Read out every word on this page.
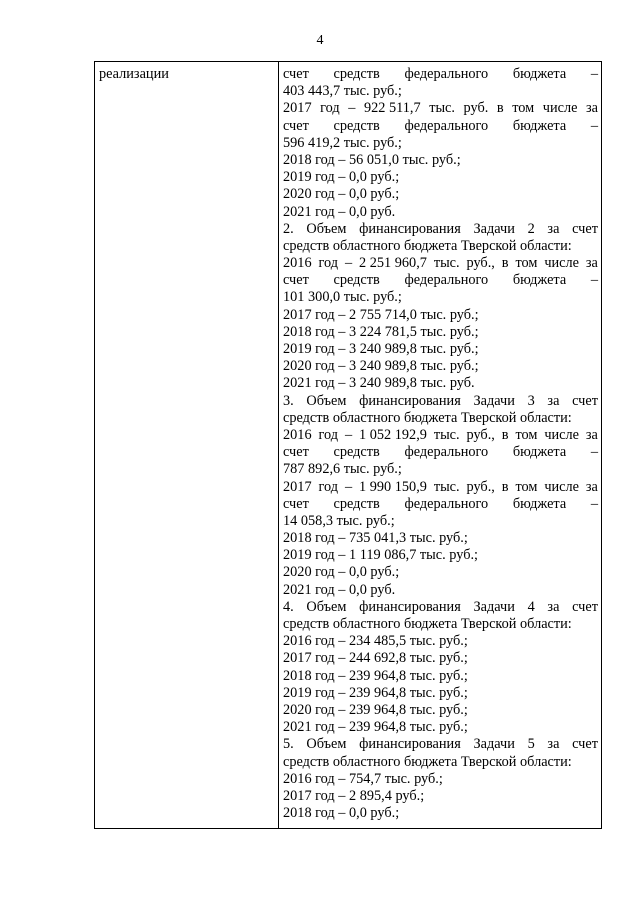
4
реализации	счет средств федерального бюджета –
403 443,7 тыс. руб.;
2017 год – 922 511,7 тыс. руб. в том числе за
счет средств федерального бюджета –
596 419,2 тыс. руб.;
2018 год – 56 051,0 тыс. руб.;
2019 год – 0,0 руб.;
2020 год – 0,0 руб.;
2021 год – 0,0 руб.
2. Объем финансирования Задачи 2 за счет
средств областного бюджета Тверской области:
2016 год – 2 251 960,7 тыс. руб., в том числе за
счет средств федерального бюджета –
101 300,0 тыс. руб.;
2017 год – 2 755 714,0 тыс. руб.;
2018 год – 3 224 781,5 тыс. руб.;
2019 год – 3 240 989,8 тыс. руб.;
2020 год – 3 240 989,8 тыс. руб.;
2021 год – 3 240 989,8 тыс. руб.
3. Объем финансирования Задачи 3 за счет
средств областного бюджета Тверской области:
2016 год – 1 052 192,9 тыс. руб., в том числе за
счет средств федерального бюджета –
787 892,6 тыс. руб.;
2017 год – 1 990 150,9 тыс. руб., в том числе за
счет средств федерального бюджета –
14 058,3 тыс. руб.;
2018 год – 735 041,3 тыс. руб.;
2019 год – 1 119 086,7 тыс. руб.;
2020 год – 0,0 руб.;
2021 год – 0,0 руб.
4. Объем финансирования Задачи 4 за счет
средств областного бюджета Тверской области:
2016 год – 234 485,5 тыс. руб.;
2017 год – 244 692,8 тыс. руб.;
2018 год – 239 964,8 тыс. руб.;
2019 год – 239 964,8 тыс. руб.;
2020 год – 239 964,8 тыс. руб.;
2021 год – 239 964,8 тыс. руб.;
5. Объем финансирования Задачи 5 за счет
средств областного бюджета Тверской области:
2016 год – 754,7 тыс. руб.;
2017 год – 2 895,4 руб.;
2018 год – 0,0 руб.;
